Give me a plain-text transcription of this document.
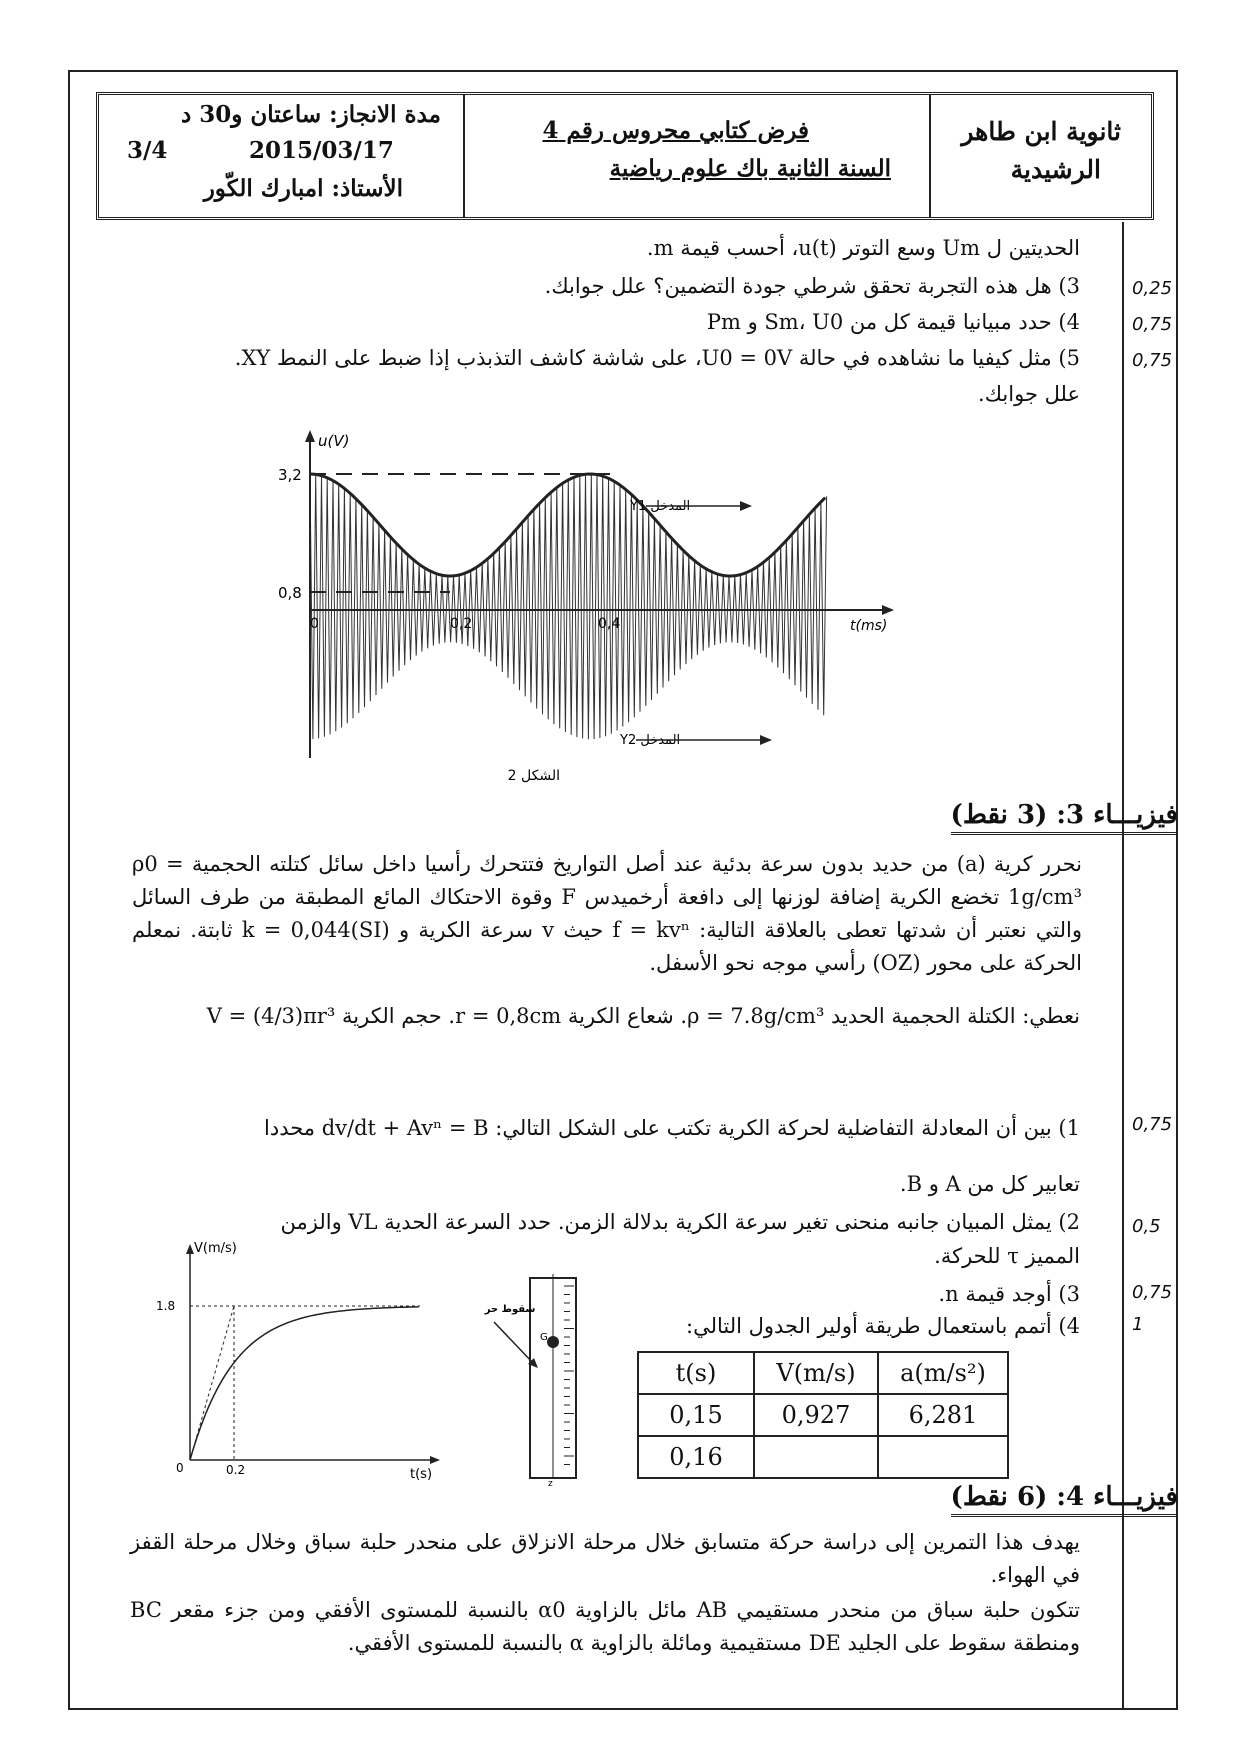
مدة الانجاز: ساعتان و30 د
3/4	2015/03/17
الأستاذ: امبارك الكّور
فرض كتابي محروس رقم 4
السنة الثانية باك علوم رياضية
ثانوية ابن طاهر
الرشيدية
الحديتين ل Um وسع التوتر u(t)، أحسب قيمة m.
3) هل هذه التجربة تحقق شرطي جودة التضمين؟ علل جوابك.
4) حدد مبيانيا قيمة كل من Sm، U0 و Pm
5) مثل كيفيا ما نشاهده في حالة U0 = 0V، على شاشة كاشف التذبذب إذا ضبط على النمط XY.
علل جوابك.
0,25
0,75
0,75
u(V)
3,2
0,8
0	0,2	0,4	t(ms)
المدخل Y1
المدخل Y2
الشكل 2
فيزيـــاء 3: (3 نقط)
نحرر كرية (a) من حديد بدون سرعة بدئية عند أصل التواريخ فتتحرك رأسيا داخل سائل كتلته الحجمية ρ0 = 1g/cm³ تخضع الكرية إضافة لوزنها إلى دافعة أرخميدس F وقوة الاحتكاك المائع المطبقة من طرف السائل والتي نعتبر أن شدتها تعطى بالعلاقة التالية: f = kvⁿ حيث v سرعة الكرية و k = 0,044(SI) ثابتة. نمعلم الحركة على محور (OZ) رأسي موجه نحو الأسفل.
نعطي: الكتلة الحجمية الحديد ρ = 7.8g/cm³. شعاع الكرية r = 0,8cm. حجم الكرية V = (4/3)πr³
1) بين أن المعادلة التفاضلية لحركة الكرية تكتب على الشكل التالي: dv/dt + Avⁿ = B محددا
تعابير كل من A و B.
2) يمثل المبيان جانبه منحنى تغير سرعة الكرية بدلالة الزمن. حدد السرعة الحدية VL والزمن
المميز τ للحركة.
3) أوجد قيمة n.
4) أتمم باستعمال طريقة أولير الجدول التالي:
0,75
0,5
0,75
1
V(m/s)
1.8
0	0.2	t(s)
G
z
سقوط حر
t(s)	V(m/s)	a(m/s²)
0,15	0,927	6,281
0,16		
فيزيـــاء 4: (6 نقط)
يهدف هذا التمرين إلى دراسة حركة متسابق خلال مرحلة الانزلاق على منحدر حلبة سباق وخلال مرحلة القفز في الهواء.
تتكون حلبة سباق من منحدر مستقيمي AB مائل بالزاوية α0 بالنسبة للمستوى الأفقي ومن جزء مقعر BC ومنطقة سقوط على الجليد DE مستقيمية ومائلة بالزاوية α بالنسبة للمستوى الأفقي.
